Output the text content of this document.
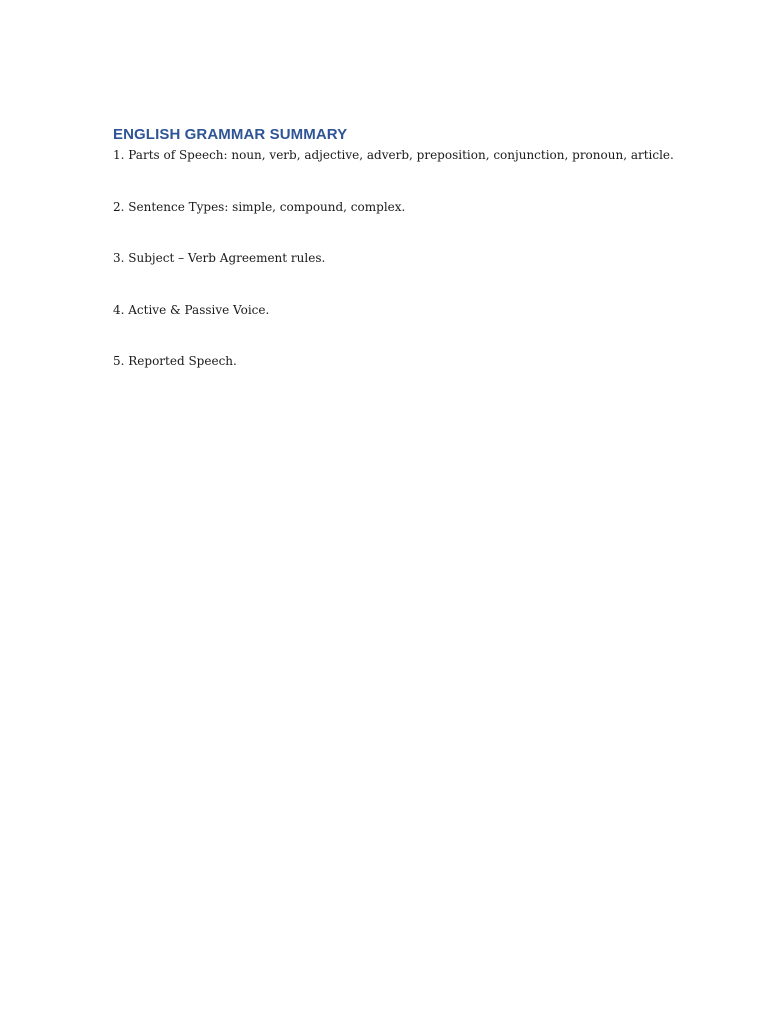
ENGLISH GRAMMAR SUMMARY
1. Parts of Speech: noun, verb, adjective, adverb, preposition, conjunction, pronoun, article.
2. Sentence Types: simple, compound, complex.
3. Subject – Verb Agreement rules.
4. Active & Passive Voice.
5. Reported Speech.
